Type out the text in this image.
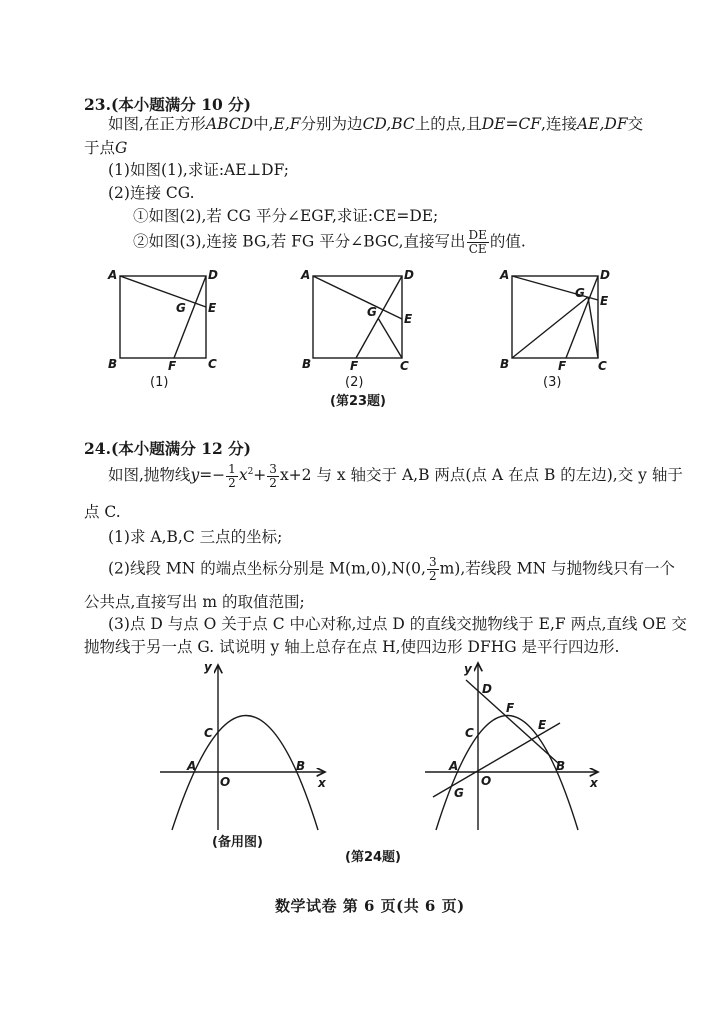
23.(本小题满分 10 分)
如图,在正方形ABCD中,E,F分别为边CD,BC上的点,且DE=CF,连接AE,DF交
于点G
(1)如图(1),求证:AE⊥DF;
(2)连接 CG.
①如图(2),若 CG 平分∠EGF,求证:CE=DE;
②如图(3),连接 BG,若 FG 平分∠BGC,直接写出 $\frac{DE}{CE}$ 的值.
A	D
G E
B	F	C
A	D
G E
B	F	C
A	D
G
E
B	F	C
(1)	(2)	(3)
(第23题)
24.(本小题满分 12 分)
如图,抛物线$y=- \frac{1}{2} x^2+ \frac{3}{2} x+2$ 与 x 轴交于 A,B 两点(点 A 在点 B 的左边),交 y 轴于
点 C.
(1)求 A,B,C 三点的坐标;
(2)线段 MN 的端点坐标分别是 M(m,0),N(0, $\frac{3}{2} m$),若线段 MN 与抛物线只有一个
公共点,直接写出 m 的取值范围;
(3)点 D 与点 O 关于点 C 中心对称,过点 D 的直线交抛物线于 E,F 两点,直线 OE 交
抛物线于另一点 G. 试说明 y 轴上总存在点 H,使四边形 DFHG 是平行四边形.
y
x
O
A
C
B
(备用图)
y
x
O
D
F
E
C
A	B
G
(第24题)
数学试卷 第 6 页(共 6 页)
